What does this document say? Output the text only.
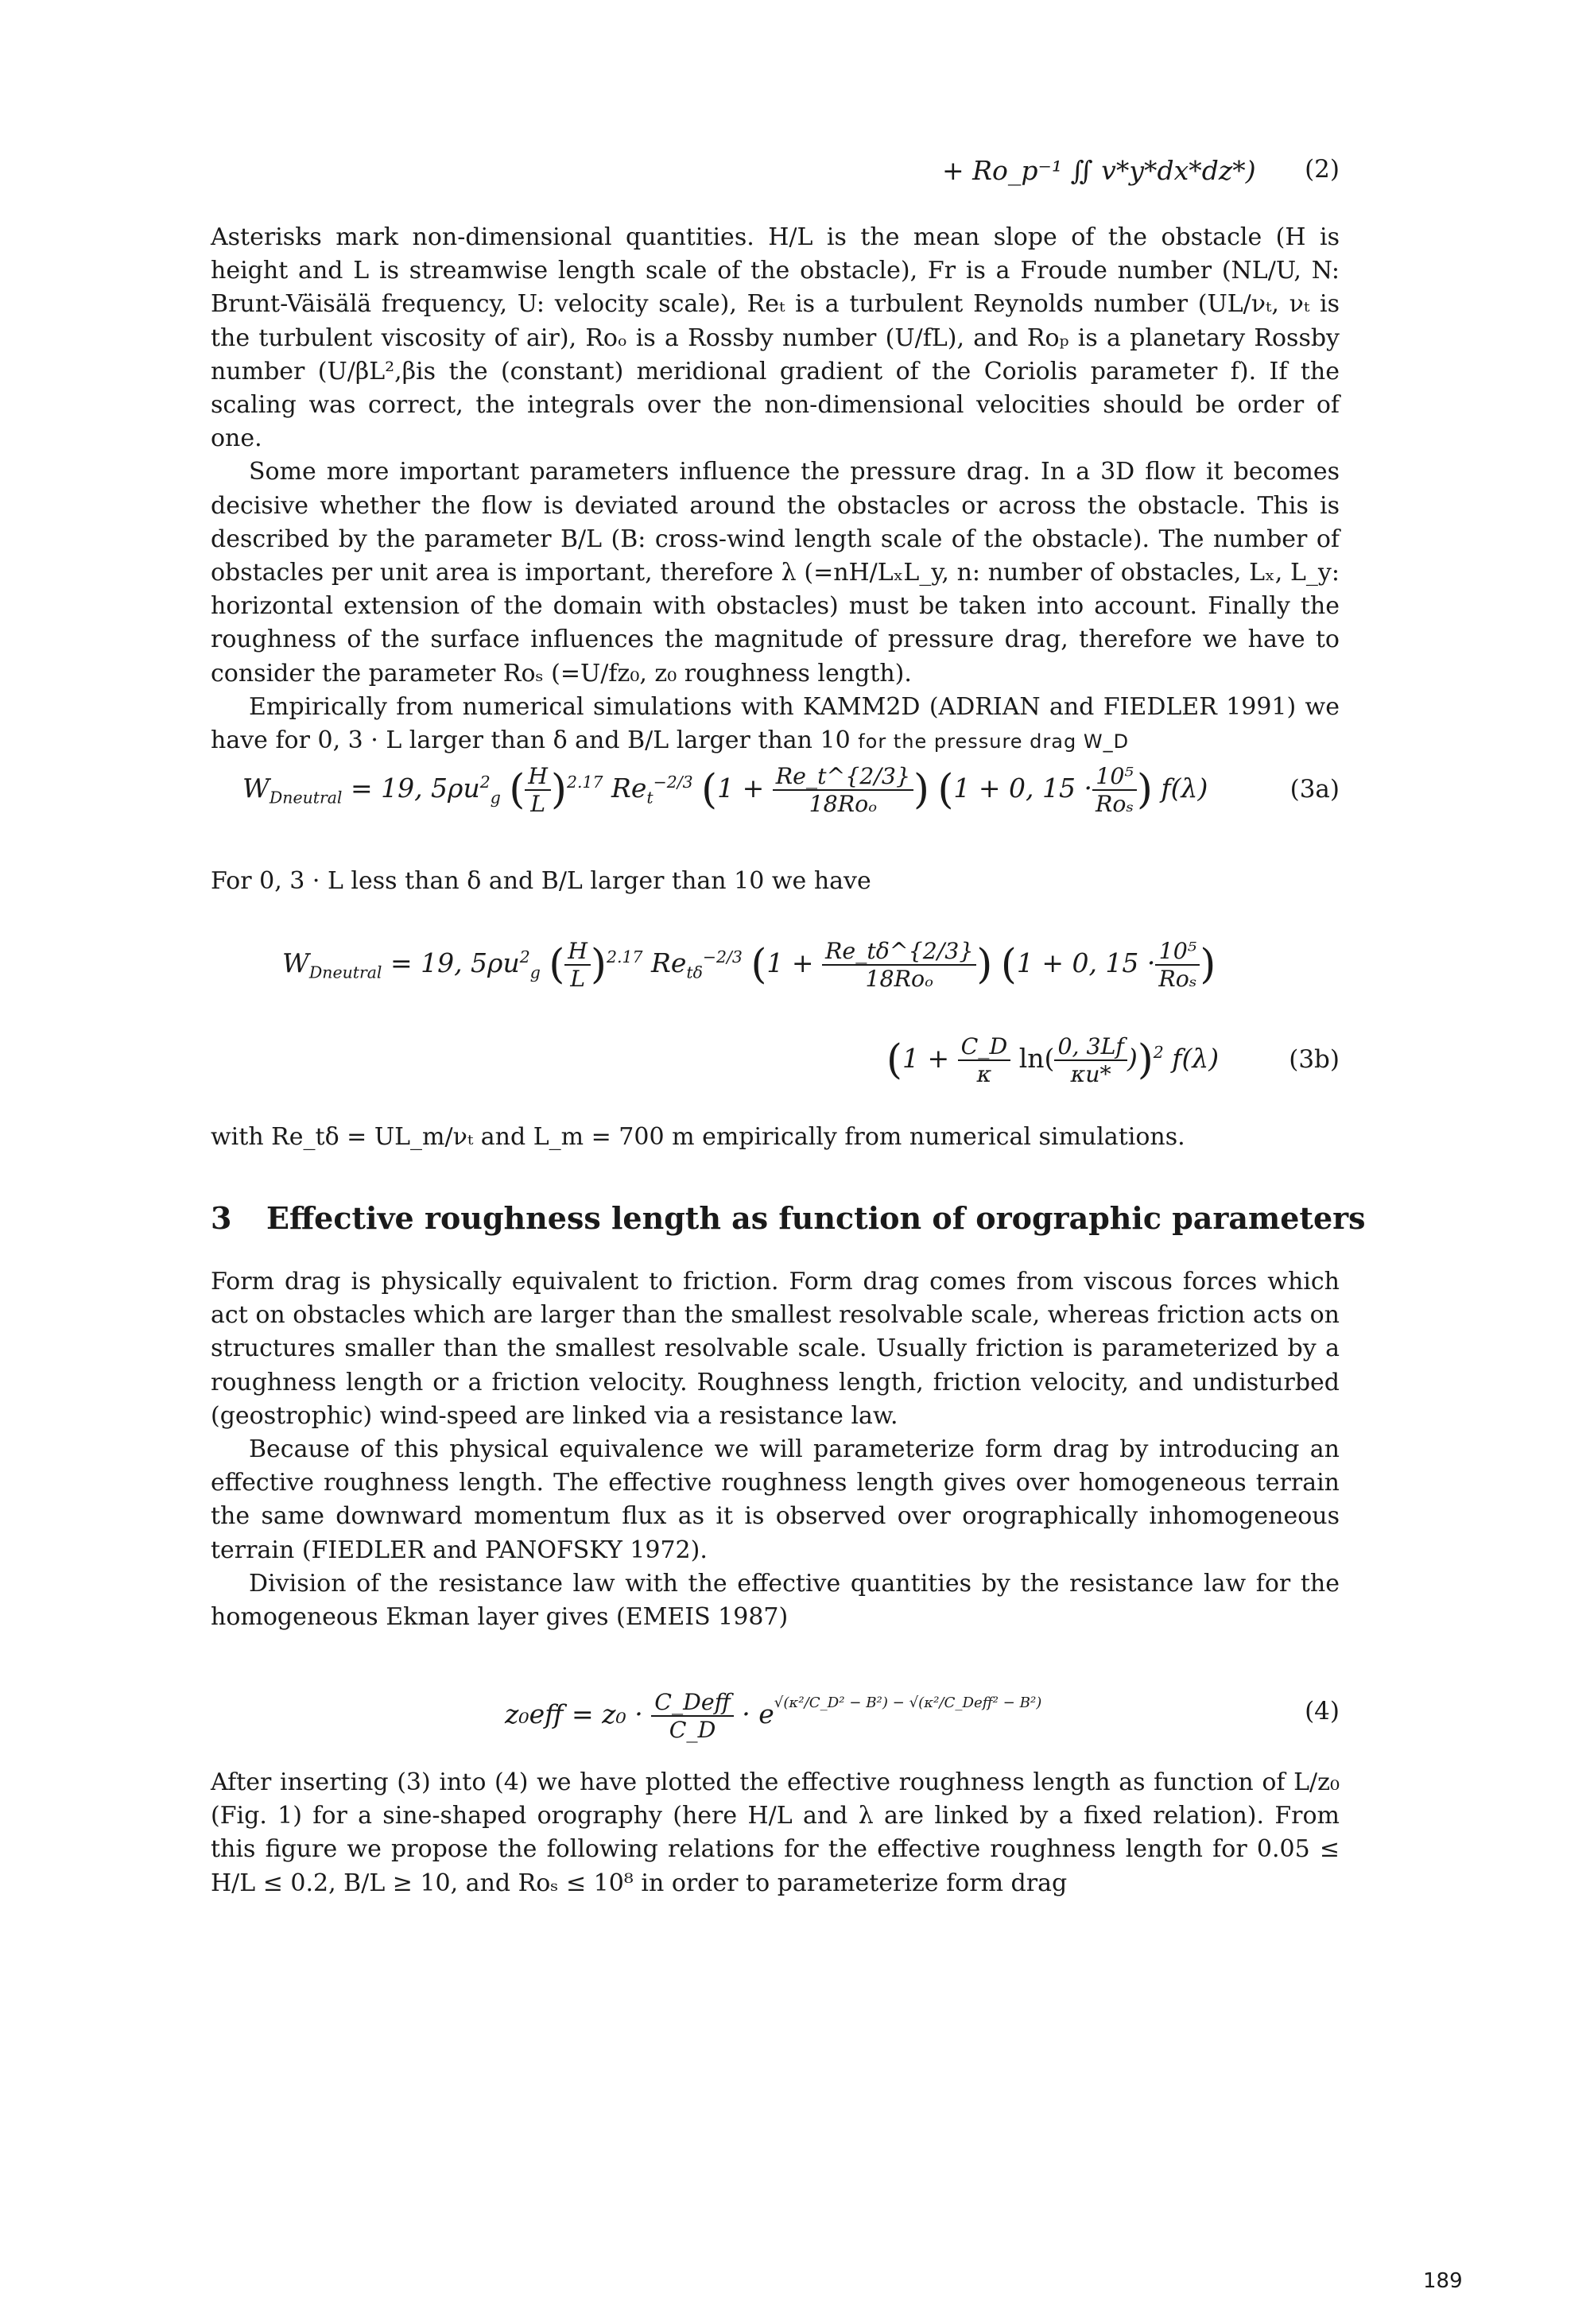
+ Ro_p⁻¹ ∬ v*y*dx*dz*) (2)

Asterisks mark non-dimensional quantities. H/L is the mean slope of the obstacle (H is height and L is streamwise length scale of the obstacle), Fr is a Froude number (NL/U, N: Brunt-Väisälä frequency, U: velocity scale), Reₜ is a turbulent Reynolds number (UL/νₜ, νₜ is the turbulent viscosity of air), Roₒ is a Rossby number (U/fL), and Roₚ is a planetary Rossby number (U/βL²,βis the (constant) meridional gradient of the Coriolis parameter f). If the scaling was correct, the integrals over the non-dimensional velocities should be order of one.

Some more important parameters influence the pressure drag. In a 3D flow it becomes decisive whether the flow is deviated around the obstacles or across the obstacle. This is described by the parameter B/L (B: cross-wind length scale of the obstacle). The number of obstacles per unit area is important, therefore λ (=nH/LₓL_y, n: number of obstacles, Lₓ, L_y: horizontal extension of the domain with obstacles) must be taken into account. Finally the roughness of the surface influences the magnitude of pressure drag, therefore we have to consider the parameter Roₛ (=U/fz₀, z₀ roughness length).

Empirically from numerical simulations with KAMM2D (ADRIAN and FIEDLER 1991) we have for 0, 3 · L larger than δ and B/L larger than 10 for the pressure drag W_D

$W_{Dneutral} = 19$, $5\rho u^2_g$ ( $\frac{H}{L} )^{2.17}$ $Re_t^{-2/3}$ ($1 + \frac{Re\_t\^{}\{2/3\}}{\text{18Roₒ}}$ ) (1 + 0, $15 \cdot \frac{\text{10⁵}}{\text{Roₛ}}$ ) f(λ)	(3a)

For 0, 3 · L less than δ and B/L larger than 10 we have

$W_{Dneutral} = 19$, $5\rho u^2_g$ ( $\frac{H}{L} )^{2.17}$ $Re_{t\delta}^{-2/3}$ ($1 + \frac{Re\_t\delta\^{}\{2/3\}}{\text{18Roₒ}}$ ) (1 + 0, $15 \cdot \frac{\text{10⁵}}{\text{Roₛ}}$ )
$(1 + \frac{C\_D}{\kappa} \ln( \frac{0, 3Lf}{\kappa u*} ))^2$ f(λ)	(3b)

with Re_tδ = UL_m/νₜ and L_m = 700 m empirically from numerical simulations.

3 Effective roughness length as function of orographic parameters

Form drag is physically equivalent to friction. Form drag comes from viscous forces which act on obstacles which are larger than the smallest resolvable scale, whereas friction acts on structures smaller than the smallest resolvable scale. Usually friction is parameterized by a roughness length or a friction velocity. Roughness length, friction velocity, and undisturbed (geostrophic) wind-speed are linked via a resistance law.

Because of this physical equivalence we will parameterize form drag by introducing an effective roughness length. The effective roughness length gives over homogeneous terrain the same downward momentum flux as it is observed over orographically inhomogeneous terrain (FIEDLER and PANOFSKY 1972).

Division of the resistance law with the effective quantities by the resistance law for the homogeneous Ekman layer gives (EMEIS 1987)

$z_0eff = z_0 \cdot \frac{\text{C\_Deff}}{C\_D} \cdot e^{√(\kappa^2/C\_D^2 - B^2) - √(\kappa^2/C\_Deff^2 - B^2)}$	(4)

After inserting (3) into (4) we have plotted the effective roughness length as function of L/z₀ (Fig. 1) for a sine-shaped orography (here H/L and λ are linked by a fixed relation). From this figure we propose the following relations for the effective roughness length for 0.05 ≤ H/L ≤ 0.2, B/L ≥ 10, and Roₛ ≤ 10⁸ in order to parameterize form drag

189
